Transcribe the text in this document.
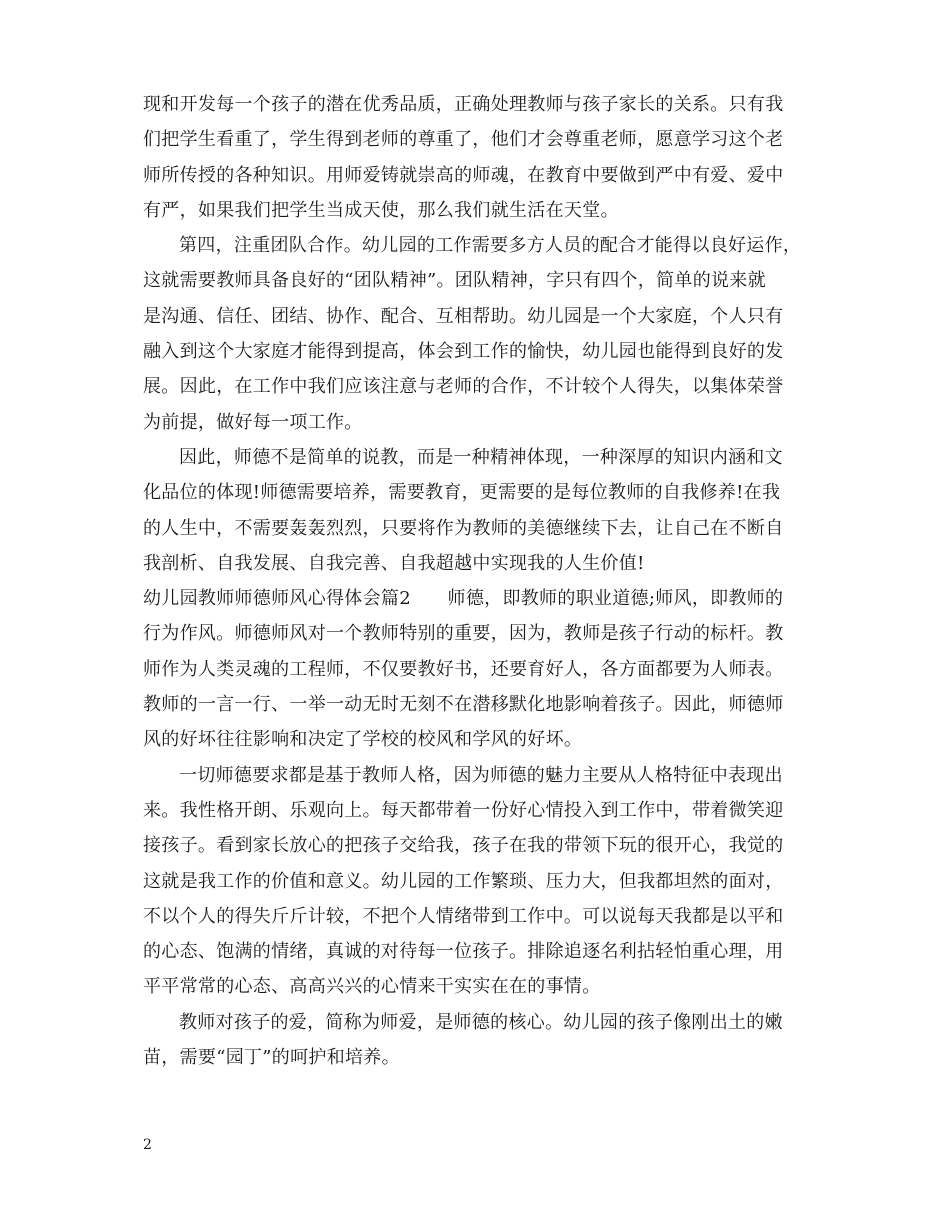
现和开发每一个孩子的潜在优秀品质，正确处理教师与孩子家长的关系。只有我
们把学生看重了，学生得到老师的尊重了，他们才会尊重老师，愿意学习这个老
师所传授的各种知识。用师爱铸就崇高的师魂，在教育中要做到严中有爱、爱中
有严，如果我们把学生当成天使，那么我们就生活在天堂。
第四，注重团队合作。幼儿园的工作需要多方人员的配合才能得以良好运作，
这就需要教师具备良好的“团队精神”。团队精神，字只有四个，简单的说来就
是沟通、信任、团结、协作、配合、互相帮助。幼儿园是一个大家庭，个人只有
融入到这个大家庭才能得到提高，体会到工作的愉快，幼儿园也能得到良好的发
展。因此，在工作中我们应该注意与老师的合作，不计较个人得失，以集体荣誉
为前提，做好每一项工作。
因此，师德不是简单的说教，而是一种精神体现，一种深厚的知识内涵和文
化品位的体现!师德需要培养，需要教育，更需要的是每位教师的自我修养!在我
的人生中，不需要轰轰烈烈，只要将作为教师的美德继续下去，让自己在不断自
我剖析、自我发展、自我完善、自我超越中实现我的人生价值!
幼儿园教师师德师风心得体会篇2　　师德，即教师的职业道德;师风，即教师的
行为作风。师德师风对一个教师特别的重要，因为，教师是孩子行动的标杆。教
师作为人类灵魂的工程师，不仅要教好书，还要育好人，各方面都要为人师表。
教师的一言一行、一举一动无时无刻不在潜移默化地影响着孩子。因此，师德师
风的好坏往往影响和决定了学校的校风和学风的好坏。
一切师德要求都是基于教师人格，因为师德的魅力主要从人格特征中表现出
来。我性格开朗、乐观向上。每天都带着一份好心情投入到工作中，带着微笑迎
接孩子。看到家长放心的把孩子交给我，孩子在我的带领下玩的很开心，我觉的
这就是我工作的价值和意义。幼儿园的工作繁琐、压力大，但我都坦然的面对，
不以个人的得失斤斤计较，不把个人情绪带到工作中。可以说每天我都是以平和
的心态、饱满的情绪，真诚的对待每一位孩子。排除追逐名利拈轻怕重心理，用
平平常常的心态、高高兴兴的心情来干实实在在的事情。
教师对孩子的爱，简称为师爱，是师德的核心。幼儿园的孩子像刚出土的嫩
苗，需要“园丁”的呵护和培养。
2
